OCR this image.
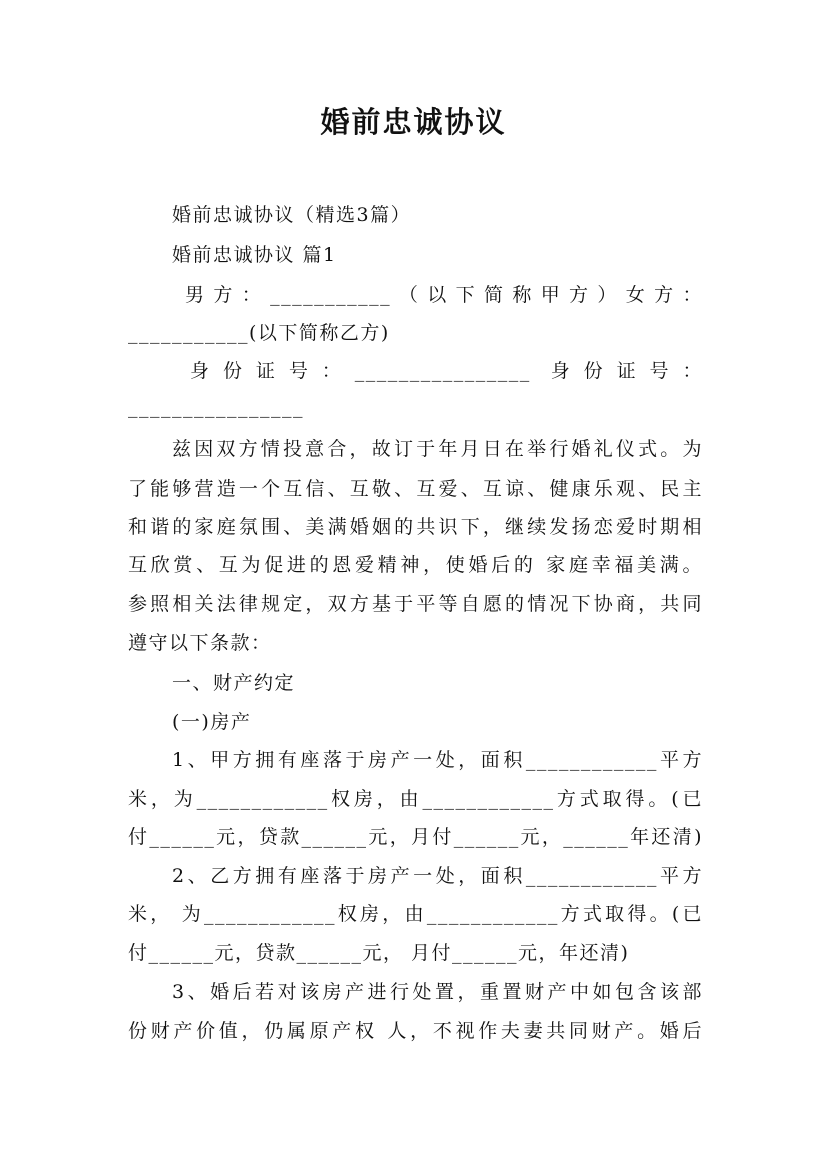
婚前忠诚协议
婚前忠诚协议（精选3篇）
婚前忠诚协议 篇1
男方：___________（以下简称甲方）女方：
___________(以下简称乙方)
身份证号：________________ 身份证号：
________________
兹因双方情投意合，故订于年月日在举行婚礼仪式。为
了能够营造一个互信、互敬、互爱、互谅、健康乐观、民主
和谐的家庭氛围、美满婚姻的共识下，继续发扬恋爱时期相
互欣赏、互为促进的恩爱精神，使婚后的 家庭幸福美满。
参照相关法律规定，双方基于平等自愿的情况下协商，共同
遵守以下条款：
一、财产约定
(一)房产
1、甲方拥有座落于房产一处，面积____________平方
米，为____________权房，由____________方式取得。(已
付______元，贷款______元，月付______元，______年还清)
2、乙方拥有座落于房产一处，面积____________平方
米， 为____________权房，由____________方式取得。(已
付______元，贷款______元， 月付______元，年还清)
3、婚后若对该房产进行处置，重置财产中如包含该部
份财产价值，仍属原产权 人，不视作夫妻共同财产。婚后
